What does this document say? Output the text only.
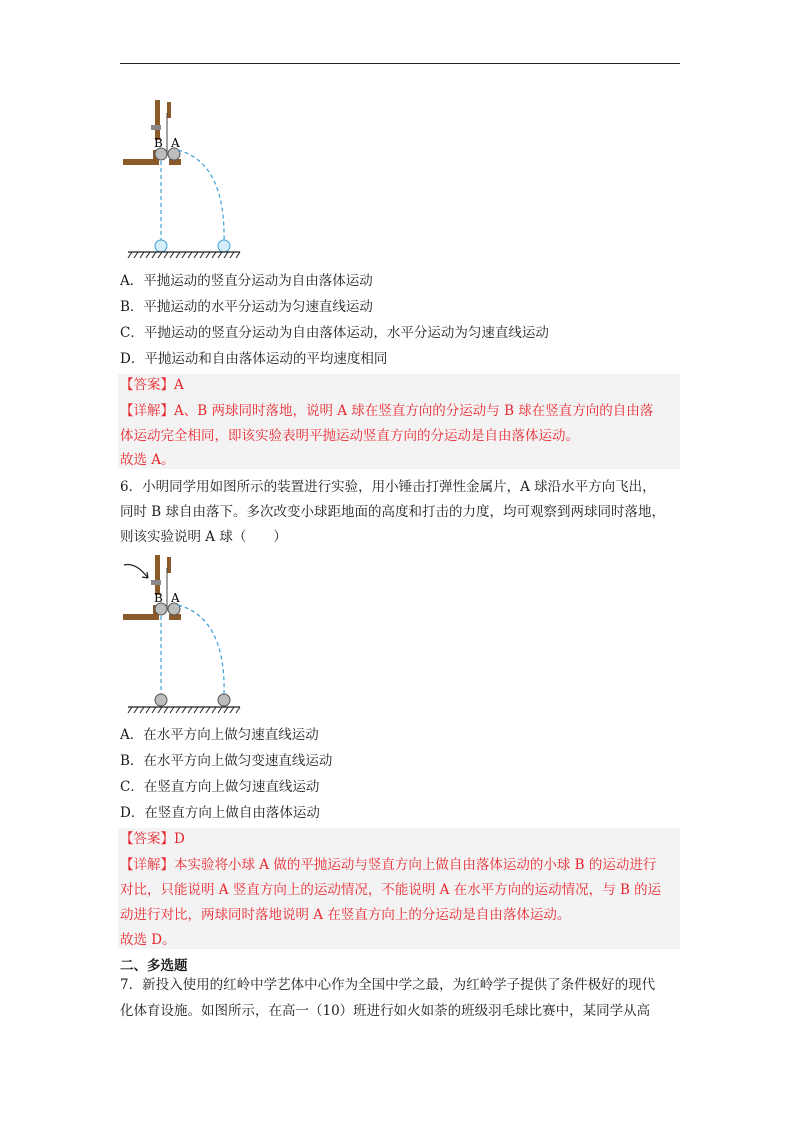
B A
A．平抛运动的竖直分运动为自由落体运动
B．平抛运动的水平分运动为匀速直线运动
C．平抛运动的竖直分运动为自由落体运动，水平分运动为匀速直线运动
D．平抛运动和自由落体运动的平均速度相同
【答案】A
【详解】A、B 两球同时落地，说明 A 球在竖直方向的分运动与 B 球在竖直方向的自由落
体运动完全相同，即该实验表明平抛运动竖直方向的分运动是自由落体运动。
故选 A。
6．小明同学用如图所示的装置进行实验，用小锤击打弹性金属片，A 球沿水平方向飞出，
同时 B 球自由落下。多次改变小球距地面的高度和打击的力度，均可观察到两球同时落地，
则该实验说明 A 球（　　）
B A
A．在水平方向上做匀速直线运动
B．在水平方向上做匀变速直线运动
C．在竖直方向上做匀速直线运动
D．在竖直方向上做自由落体运动
【答案】D
【详解】本实验将小球 A 做的平抛运动与竖直方向上做自由落体运动的小球 B 的运动进行
对比，只能说明 A 竖直方向上的运动情况，不能说明 A 在水平方向的运动情况，与 B 的运
动进行对比，两球同时落地说明 A 在竖直方向上的分运动是自由落体运动。
故选 D。
二、多选题
7．新投入使用的红岭中学艺体中心作为全国中学之最，为红岭学子提供了条件极好的现代
化体育设施。如图所示，在高一（10）班进行如火如荼的班级羽毛球比赛中，某同学从高
